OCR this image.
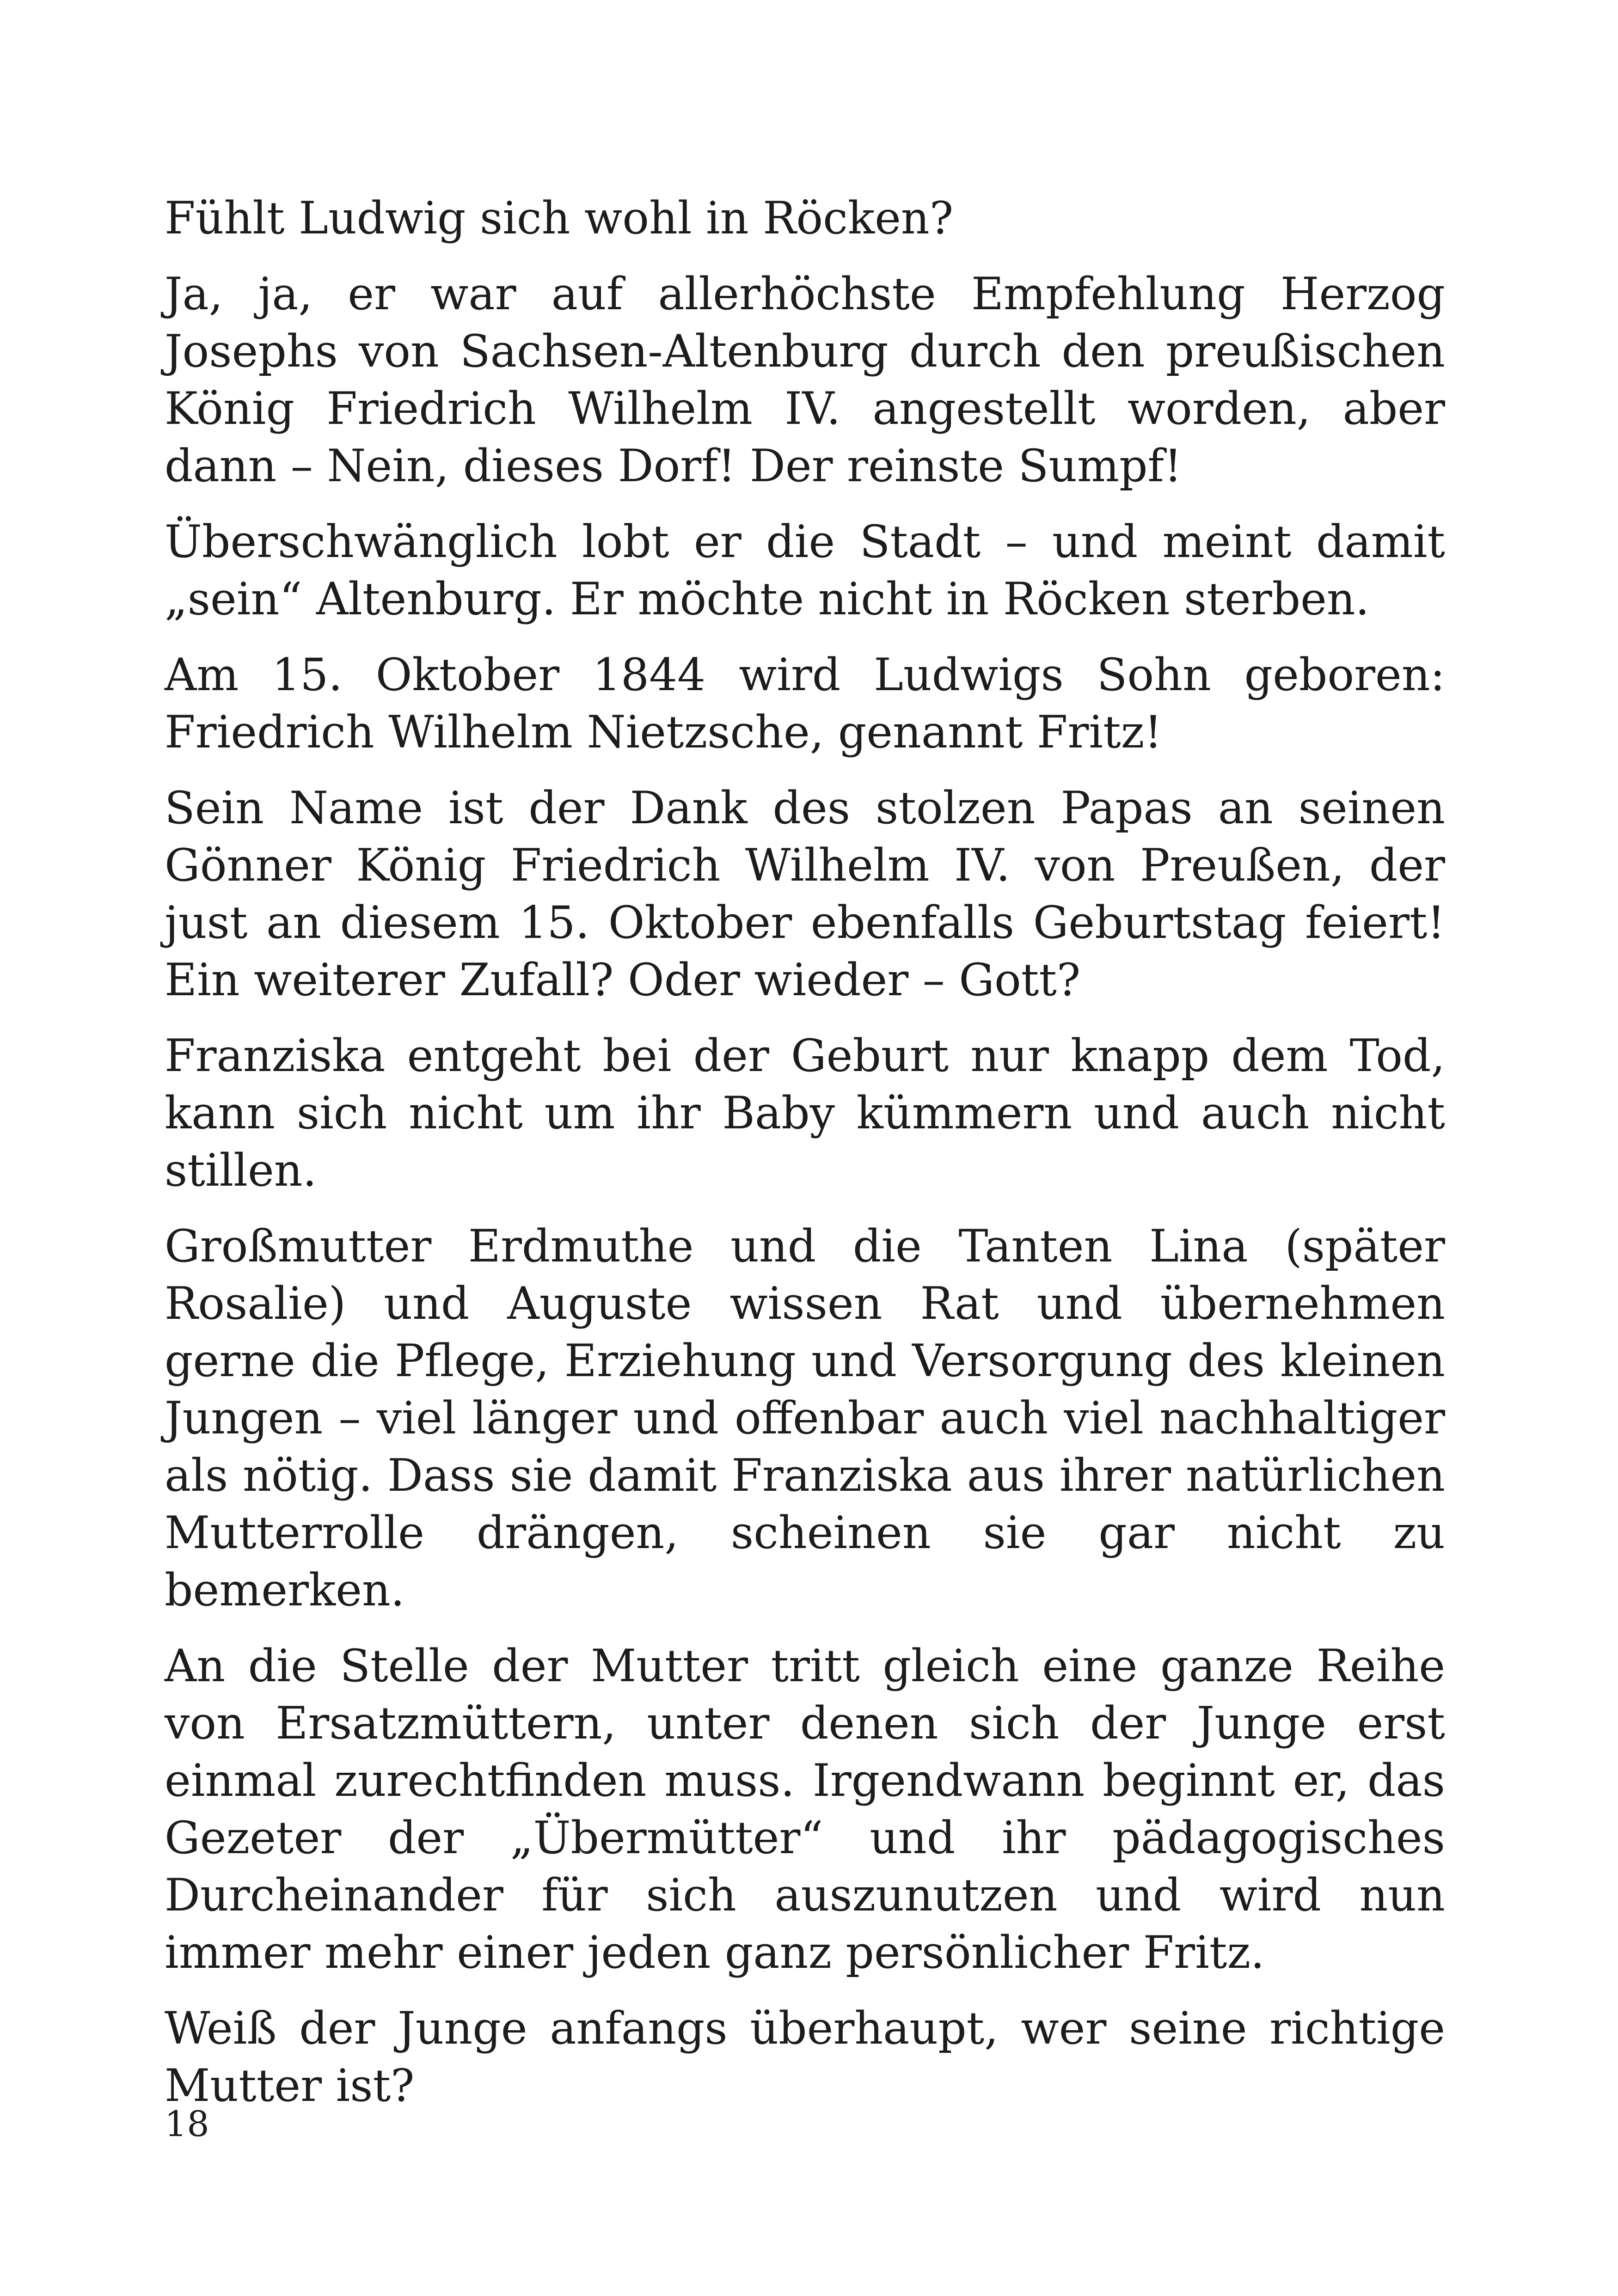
Fühlt Ludwig sich wohl in Röcken?

Ja, ja, er war auf allerhöchste Empfehlung Herzog Josephs von Sachsen-Altenburg durch den preußischen König Friedrich Wilhelm IV. angestellt worden, aber dann – Nein, dieses Dorf! Der reinste Sumpf!

Überschwänglich lobt er die Stadt – und meint damit „sein“ Altenburg. Er möchte nicht in Röcken sterben.

Am 15. Oktober 1844 wird Ludwigs Sohn geboren: Friedrich Wilhelm Nietzsche, genannt Fritz!

Sein Name ist der Dank des stolzen Papas an seinen Gönner König Friedrich Wilhelm IV. von Preußen, der just an diesem 15. Oktober ebenfalls Geburtstag feiert! Ein weiterer Zufall? Oder wieder – Gott?

Franziska entgeht bei der Geburt nur knapp dem Tod, kann sich nicht um ihr Baby kümmern und auch nicht stillen.

Großmutter Erdmuthe und die Tanten Lina (später Rosalie) und Auguste wissen Rat und übernehmen gerne die Pflege, Erziehung und Versorgung des kleinen Jungen – viel länger und offenbar auch viel nachhaltiger als nötig. Dass sie damit Franziska aus ihrer natürlichen Mutterrolle drängen, scheinen sie gar nicht zu bemerken.

An die Stelle der Mutter tritt gleich eine ganze Reihe von Ersatzmüttern, unter denen sich der Junge erst einmal zurechtfinden muss. Irgendwann beginnt er, das Gezeter der „Übermütter“ und ihr pädagogisches Durcheinander für sich auszunutzen und wird nun immer mehr einer jeden ganz persönlicher Fritz.

Weiß der Junge anfangs überhaupt, wer seine richtige Mutter ist?

18
